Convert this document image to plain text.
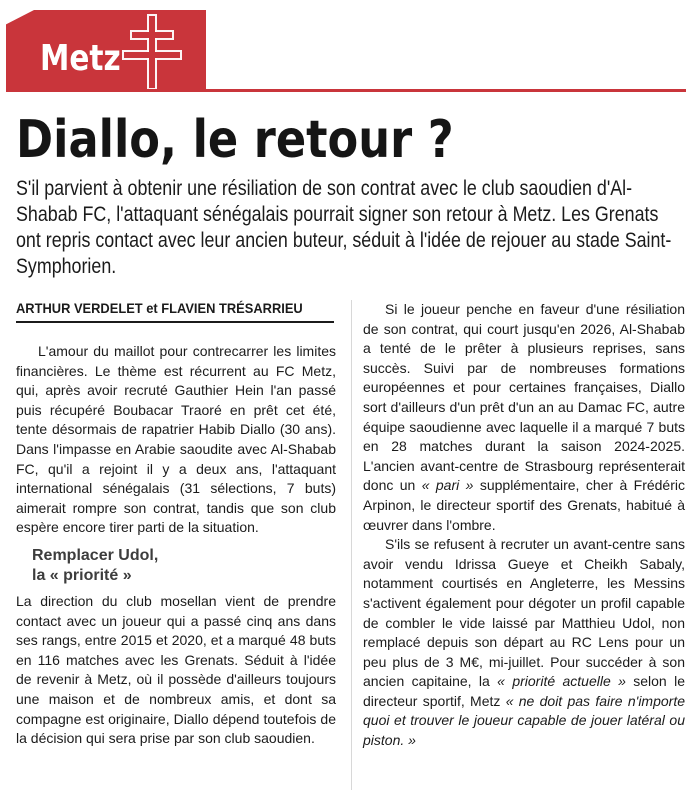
Metz
Diallo, le retour ?

S'il parvient à obtenir une résiliation de son contrat avec le club saoudien d'Al-Shabab FC, l'attaquant sénégalais pourrait signer son retour à Metz. Les Grenats ont repris contact avec leur ancien buteur, séduit à l'idée de rejouer au stade Saint-Symphorien.

ARTHUR VERDELET et FLAVIEN TRÉSARRIEU

L'amour du maillot pour contrecarrer les limites financières. Le thème est récurrent au FC Metz, qui, après avoir recruté Gauthier Hein l'an passé puis récupéré Boubacar Traoré en prêt cet été, tente désormais de rapatrier Habib Diallo (30 ans). Dans l'impasse en Arabie saoudite avec Al-Shabab FC, qu'il a rejoint il y a deux ans, l'attaquant international sénégalais (31 sélections, 7 buts) aimerait rompre son contrat, tandis que son club espère encore tirer parti de la situation.

Remplacer Udol,
la « priorité »

La direction du club mosellan vient de prendre contact avec un joueur qui a passé cinq ans dans ses rangs, entre 2015 et 2020, et a marqué 48 buts en 116 matches avec les Grenats. Séduit à l'idée de revenir à Metz, où il possède d'ailleurs toujours une maison et de nombreux amis, et dont sa compagne est originaire, Diallo dépend toutefois de la décision qui sera prise par son club saoudien.

Si le joueur penche en faveur d'une résiliation de son contrat, qui court jusqu'en 2026, Al-Shabab a tenté de le prêter à plusieurs reprises, sans succès. Suivi par de nombreuses formations européennes et pour certaines françaises, Diallo sort d'ailleurs d'un prêt d'un an au Damac FC, autre équipe saoudienne avec laquelle il a marqué 7 buts en 28 matches durant la saison 2024-2025. L'ancien avant-centre de Strasbourg représenterait donc un « pari » supplémentaire, cher à Frédéric Arpinon, le directeur sportif des Grenats, habitué à œuvrer dans l'ombre.

S'ils se refusent à recruter un avant-centre sans avoir vendu Idrissa Gueye et Cheikh Sabaly, notamment courtisés en Angleterre, les Messins s'activent également pour dégoter un profil capable de combler le vide laissé par Matthieu Udol, non remplacé depuis son départ au RC Lens pour un peu plus de 3 M€, mi-juillet. Pour succéder à son ancien capitaine, la « priorité actuelle » selon le directeur sportif, Metz « ne doit pas faire n'importe quoi et trouver le joueur capable de jouer latéral ou piston. »
